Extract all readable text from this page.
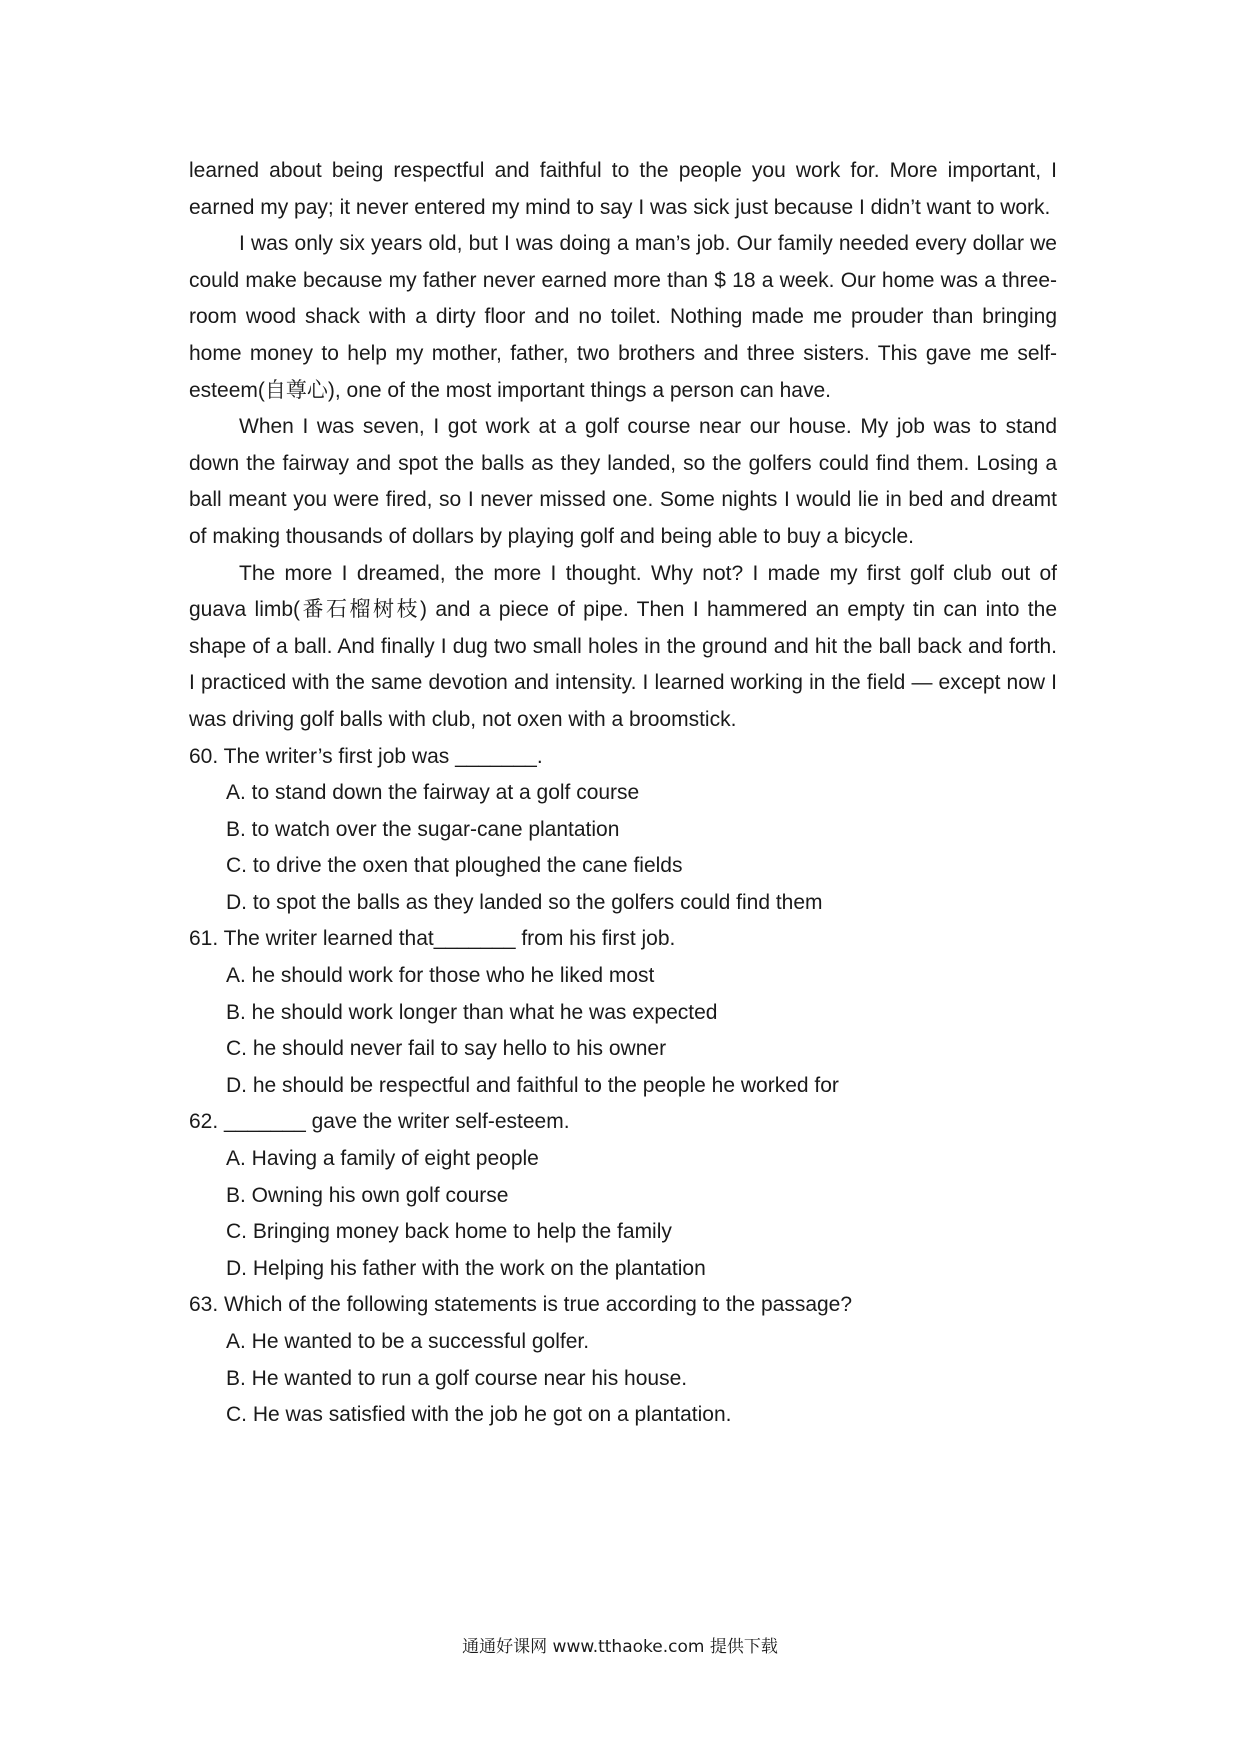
learned about being respectful and faithful to the people you work for. More important, I earned my pay; it never entered my mind to say I was sick just because I didn’t want to work.

I was only six years old, but I was doing a man’s job. Our family needed every dollar we could make because my father never earned more than $ 18 a week. Our home was a three-room wood shack with a dirty floor and no toilet. Nothing made me prouder than bringing home money to help my mother, father, two brothers and three sisters. This gave me self-esteem(自尊心), one of the most important things a person can have.

When I was seven, I got work at a golf course near our house. My job was to stand down the fairway and spot the balls as they landed, so the golfers could find them. Losing a ball meant you were fired, so I never missed one. Some nights I would lie in bed and dreamt of making thousands of dollars by playing golf and being able to buy a bicycle.

The more I dreamed, the more I thought. Why not? I made my first golf club out of guava limb(番石榴树枝) and a piece of pipe. Then I hammered an empty tin can into the shape of a ball. And finally I dug two small holes in the ground and hit the ball back and forth. I practiced with the same devotion and intensity. I learned working in the field — except now I was driving golf balls with club, not oxen with a broomstick.

60. The writer’s first job was _______.

A. to stand down the fairway at a golf course

B. to watch over the sugar-cane plantation

C. to drive the oxen that ploughed the cane fields

D. to spot the balls as they landed so the golfers could find them

61. The writer learned that_______ from his first job.

A. he should work for those who he liked most

B. he should work longer than what he was expected

C. he should never fail to say hello to his owner

D. he should be respectful and faithful to the people he worked for

62. _______ gave the writer self-esteem.

A. Having a family of eight people

B. Owning his own golf course

C. Bringing money back home to help the family

D. Helping his father with the work on the plantation

63. Which of the following statements is true according to the passage?

A. He wanted to be a successful golfer.

B. He wanted to run a golf course near his house.

C. He was satisfied with the job he got on a plantation.

通通好课网 www.tthaoke.com 提供下载
